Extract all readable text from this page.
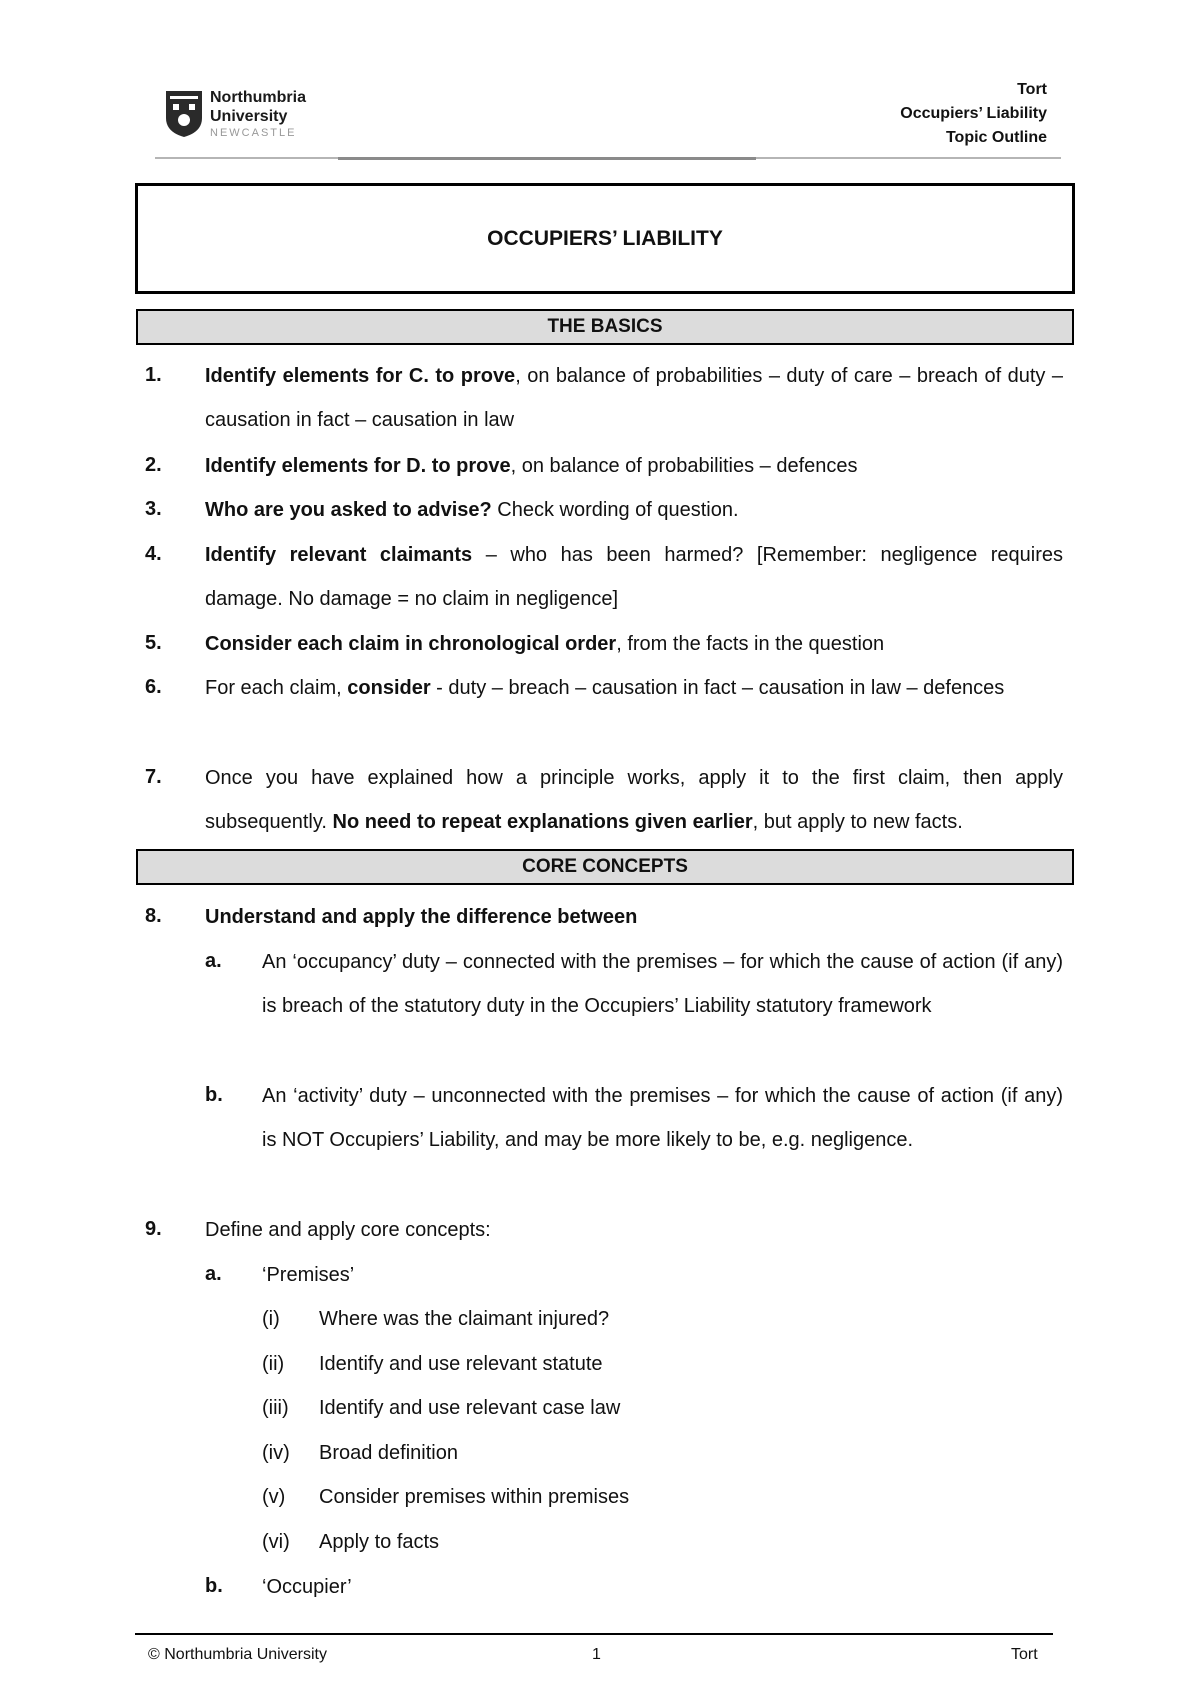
Northumbria
University
NEWCASTLE
Tort
Occupiers’ Liability
Topic Outline
OCCUPIERS’ LIABILITY
THE BASICS
1. Identify elements for C. to prove, on balance of probabilities – duty of care – breach of duty – causation in fact – causation in law
2. Identify elements for D. to prove, on balance of probabilities – defences
3. Who are you asked to advise? Check wording of question.
4. Identify relevant claimants – who has been harmed? [Remember: negligence requires damage. No damage = no claim in negligence]
5. Consider each claim in chronological order, from the facts in the question
6. For each claim, consider - duty – breach – causation in fact – causation in law – defences
7. Once you have explained how a principle works, apply it to the first claim, then apply subsequently. No need to repeat explanations given earlier, but apply to new facts.
CORE CONCEPTS
8. Understand and apply the difference between
a. An ‘occupancy’ duty – connected with the premises – for which the cause of action (if any) is breach of the statutory duty in the Occupiers’ Liability statutory framework
b. An ‘activity’ duty – unconnected with the premises – for which the cause of action (if any) is NOT Occupiers’ Liability, and may be more likely to be, e.g. negligence.
9. Define and apply core concepts:
a. ‘Premises’
(i) Where was the claimant injured?
(ii) Identify and use relevant statute
(iii) Identify and use relevant case law
(iv) Broad definition
(v) Consider premises within premises
(vi) Apply to facts
b. ‘Occupier’
© Northumbria University	1	Tort
